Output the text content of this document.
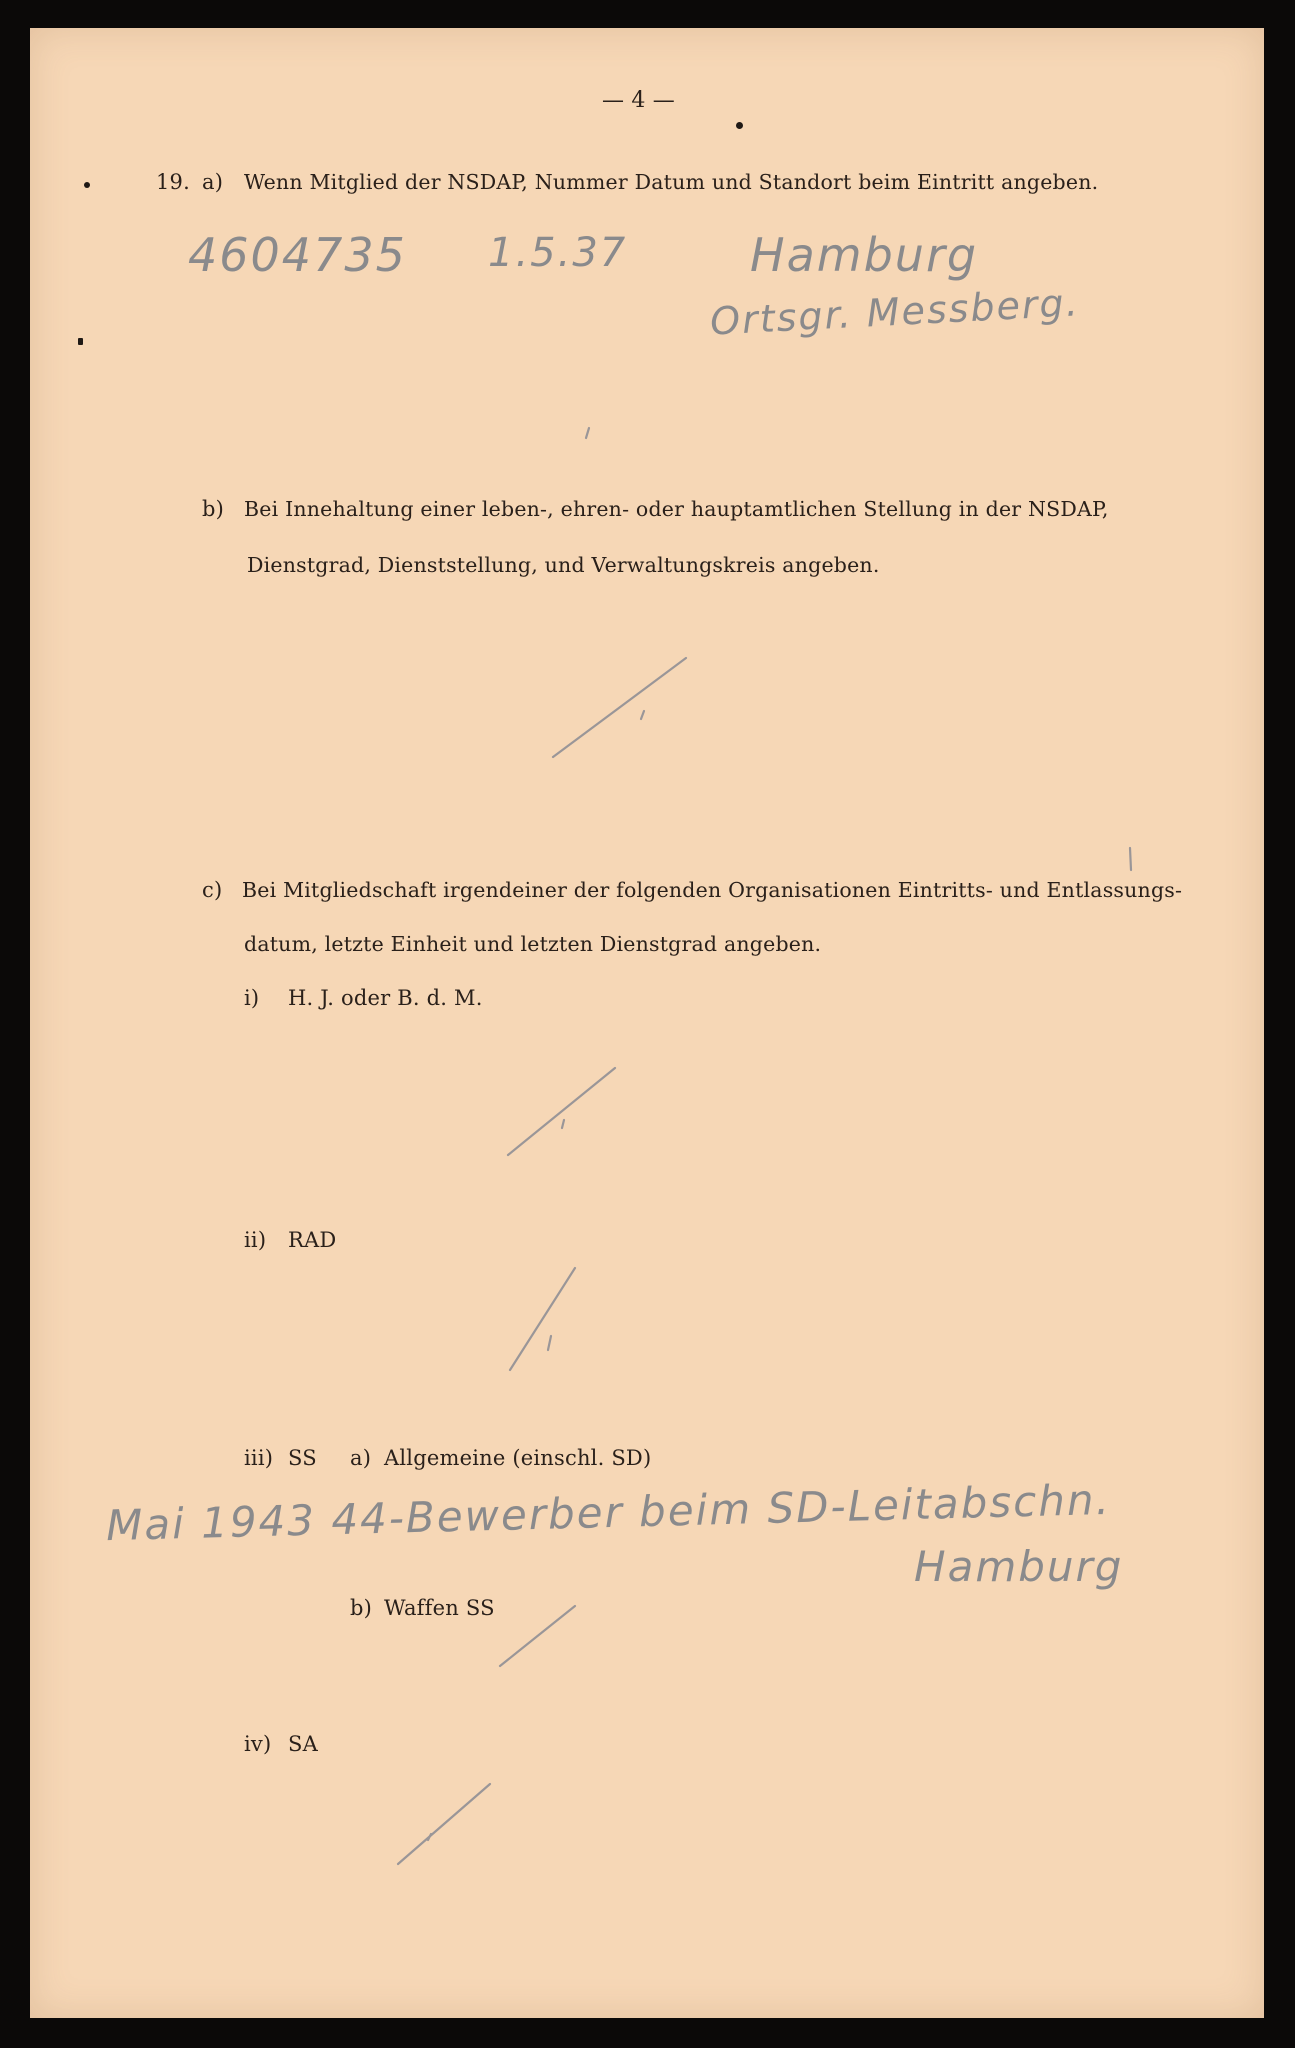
— 4 —
19. a) Wenn Mitglied der NSDAP, Nummer Datum und Standort beim Eintritt angeben.
4604735 1.5.37	Hamburg
Ortsgr. Messberg.
b) Bei Innehaltung einer leben-, ehren- oder hauptamtlichen Stellung in der NSDAP,
Dienstgrad, Dienststellung, und Verwaltungskreis angeben.
c) Bei Mitgliedschaft irgendeiner der folgenden Organisationen Eintritts- und Entlassungs-
datum, letzte Einheit und letzten Dienstgrad angeben.
i) H. J. oder B. d. M.
ii) RAD
iii) SS a) Allgemeine (einschl. SD)
Mai 1943 44-Bewerber beim SD-Leitabschn.
Hamburg
b) Waffen SS
iv) SA
